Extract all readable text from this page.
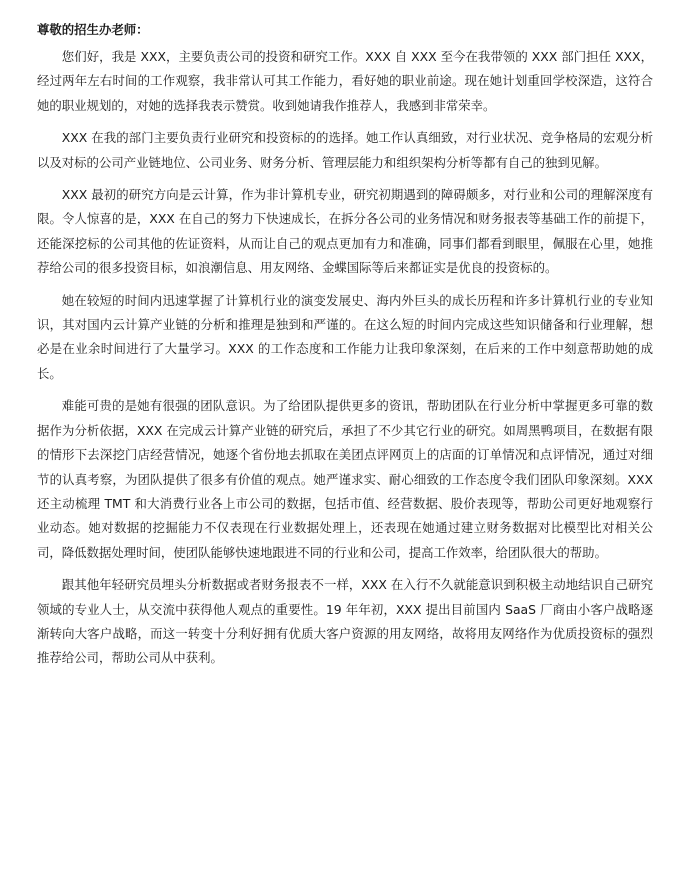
尊敬的招生办老师：

您们好，我是 XXX，主要负责公司的投资和研究工作。XXX 自 XXX 至今在我带领的 XXX 部门担任 XXX，经过两年左右时间的工作观察，我非常认可其工作能力，看好她的职业前途。现在她计划重回学校深造，这符合她的职业规划的，对她的选择我表示赞赏。收到她请我作推荐人，我感到非常荣幸。

XXX 在我的部门主要负责行业研究和投资标的的选择。她工作认真细致，对行业状况、竞争格局的宏观分析以及对标的公司产业链地位、公司业务、财务分析、管理层能力和组织架构分析等都有自己的独到见解。

XXX 最初的研究方向是云计算，作为非计算机专业，研究初期遇到的障碍颇多，对行业和公司的理解深度有限。令人惊喜的是，XXX 在自己的努力下快速成长，在拆分各公司的业务情况和财务报表等基础工作的前提下，还能深挖标的公司其他的佐证资料，从而让自己的观点更加有力和准确，同事们都看到眼里，佩服在心里，她推荐给公司的很多投资目标，如浪潮信息、用友网络、金蝶国际等后来都证实是优良的投资标的。

她在较短的时间内迅速掌握了计算机行业的演变发展史、海内外巨头的成长历程和许多计算机行业的专业知识，其对国内云计算产业链的分析和推理是独到和严谨的。在这么短的时间内完成这些知识储备和行业理解，想必是在业余时间进行了大量学习。XXX 的工作态度和工作能力让我印象深刻，在后来的工作中刻意帮助她的成长。

难能可贵的是她有很强的团队意识。为了给团队提供更多的资讯，帮助团队在行业分析中掌握更多可靠的数据作为分析依据，XXX 在完成云计算产业链的研究后，承担了不少其它行业的研究。如周黑鸭项目，在数据有限的情形下去深挖门店经营情况，她逐个省份地去抓取在美团点评网页上的店面的订单情况和点评情况，通过对细节的认真考察，为团队提供了很多有价值的观点。她严谨求实、耐心细致的工作态度令我们团队印象深刻。XXX 还主动梳理 TMT 和大消费行业各上市公司的数据，包括市值、经营数据、股价表现等，帮助公司更好地观察行业动态。她对数据的挖掘能力不仅表现在行业数据处理上，还表现在她通过建立财务数据对比模型比对相关公司，降低数据处理时间，使团队能够快速地跟进不同的行业和公司，提高工作效率，给团队很大的帮助。

跟其他年轻研究员埋头分析数据或者财务报表不一样，XXX 在入行不久就能意识到积极主动地结识自己研究领域的专业人士，从交流中获得他人观点的重要性。19 年年初，XXX 提出目前国内 SaaS 厂商由小客户战略逐渐转向大客户战略，而这一转变十分利好拥有优质大客户资源的用友网络，故将用友网络作为优质投资标的强烈推荐给公司，帮助公司从中获利。
